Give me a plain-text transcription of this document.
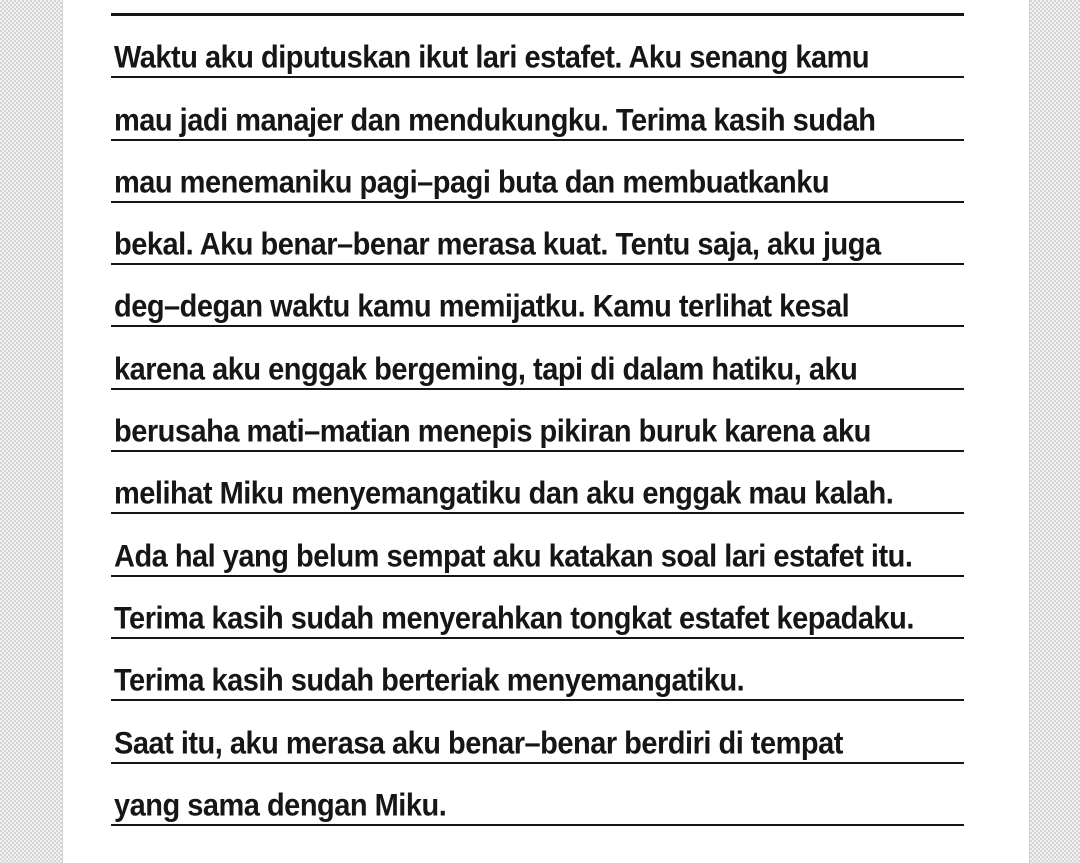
Waktu aku diputuskan ikut lari estafet. Aku senang kamu
mau jadi manajer dan mendukungku. Terima kasih sudah
mau menemaniku pagi–pagi buta dan membuatkanku
bekal. Aku benar–benar merasa kuat. Tentu saja, aku juga
deg–degan waktu kamu memijatku. Kamu terlihat kesal
karena aku enggak bergeming, tapi di dalam hatiku, aku
berusaha mati–matian menepis pikiran buruk karena aku
melihat Miku menyemangatiku dan aku enggak mau kalah.
Ada hal yang belum sempat aku katakan soal lari estafet itu.
Terima kasih sudah menyerahkan tongkat estafet kepadaku.
Terima kasih sudah berteriak menyemangatiku.
Saat itu, aku merasa aku benar–benar berdiri di tempat
yang sama dengan Miku.
